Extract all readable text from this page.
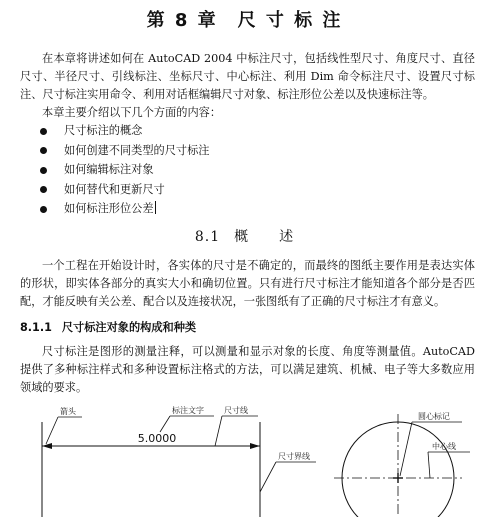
第 8 章　尺 寸 标 注
在本章将讲述如何在 AutoCAD 2004 中标注尺寸，包括线性型尺寸、角度尺寸、直径尺寸、半径尺寸、引线标注、坐标尺寸、中心标注、利用 Dim 命令标注尺寸、设置尺寸标注、尺寸标注实用命令、利用对话框编辑尺寸对象、标注形位公差以及快速标注等。
本章主要介绍以下几个方面的内容：
尺寸标注的概念
如何创建不同类型的尺寸标注
如何编辑标注对象
如何替代和更新尺寸
如何标注形位公差
8.1 概　　述
一个工程在开始设计时，各实体的尺寸是不确定的，而最终的图纸主要作用是表达实体的形状，即实体各部分的真实大小和确切位置。只有进行尺寸标注才能知道各个部分是否匹配，才能反映有关公差、配合以及连接状况，一张图纸有了正确的尺寸标注才有意义。
8.1.1 尺寸标注对象的构成和种类
尺寸标注是图形的测量注释，可以测量和显示对象的长度、角度等测量值。AutoCAD 提供了多种标注样式和多种设置标注格式的方法，可以满足建筑、机械、电子等大多数应用领域的要求。
5.0000
箭头	标注文字	尺寸线
尺寸界线
圆心标记
中心线
